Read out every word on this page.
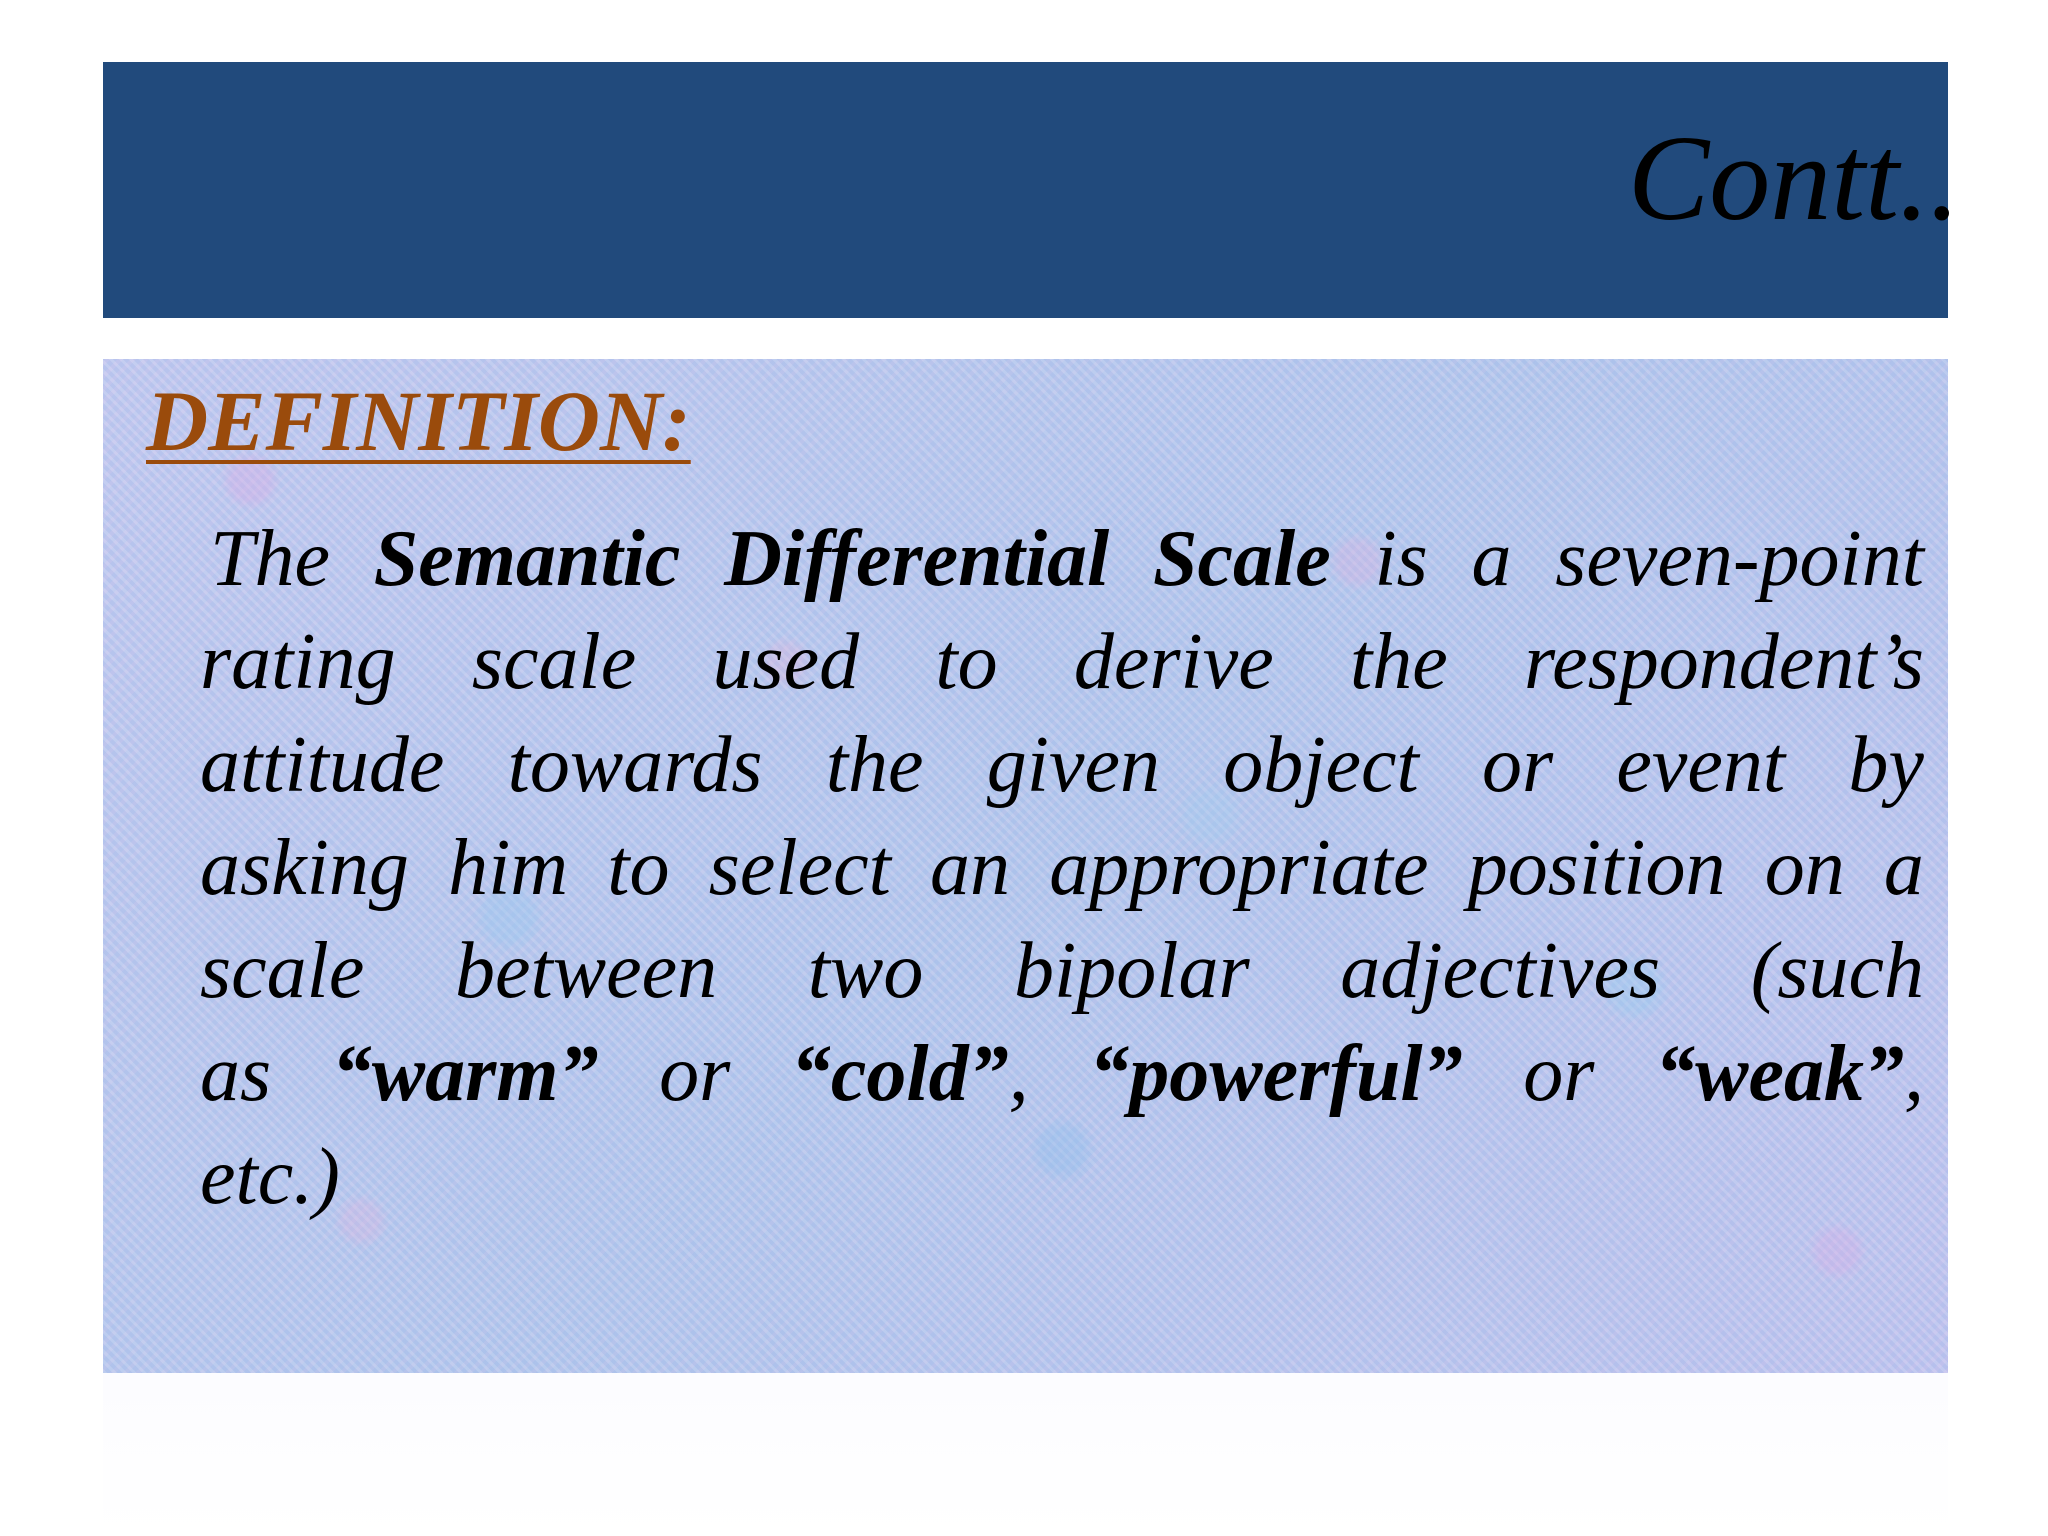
Contt..
DEFINITION:
The Semantic Differential Scale is a seven-point
rating scale used to derive the respondent’s
attitude towards the given object or event by
asking him to select an appropriate position on a
scale between two bipolar adjectives (such
as “warm” or “cold”, “powerful” or “weak”,
etc.)
